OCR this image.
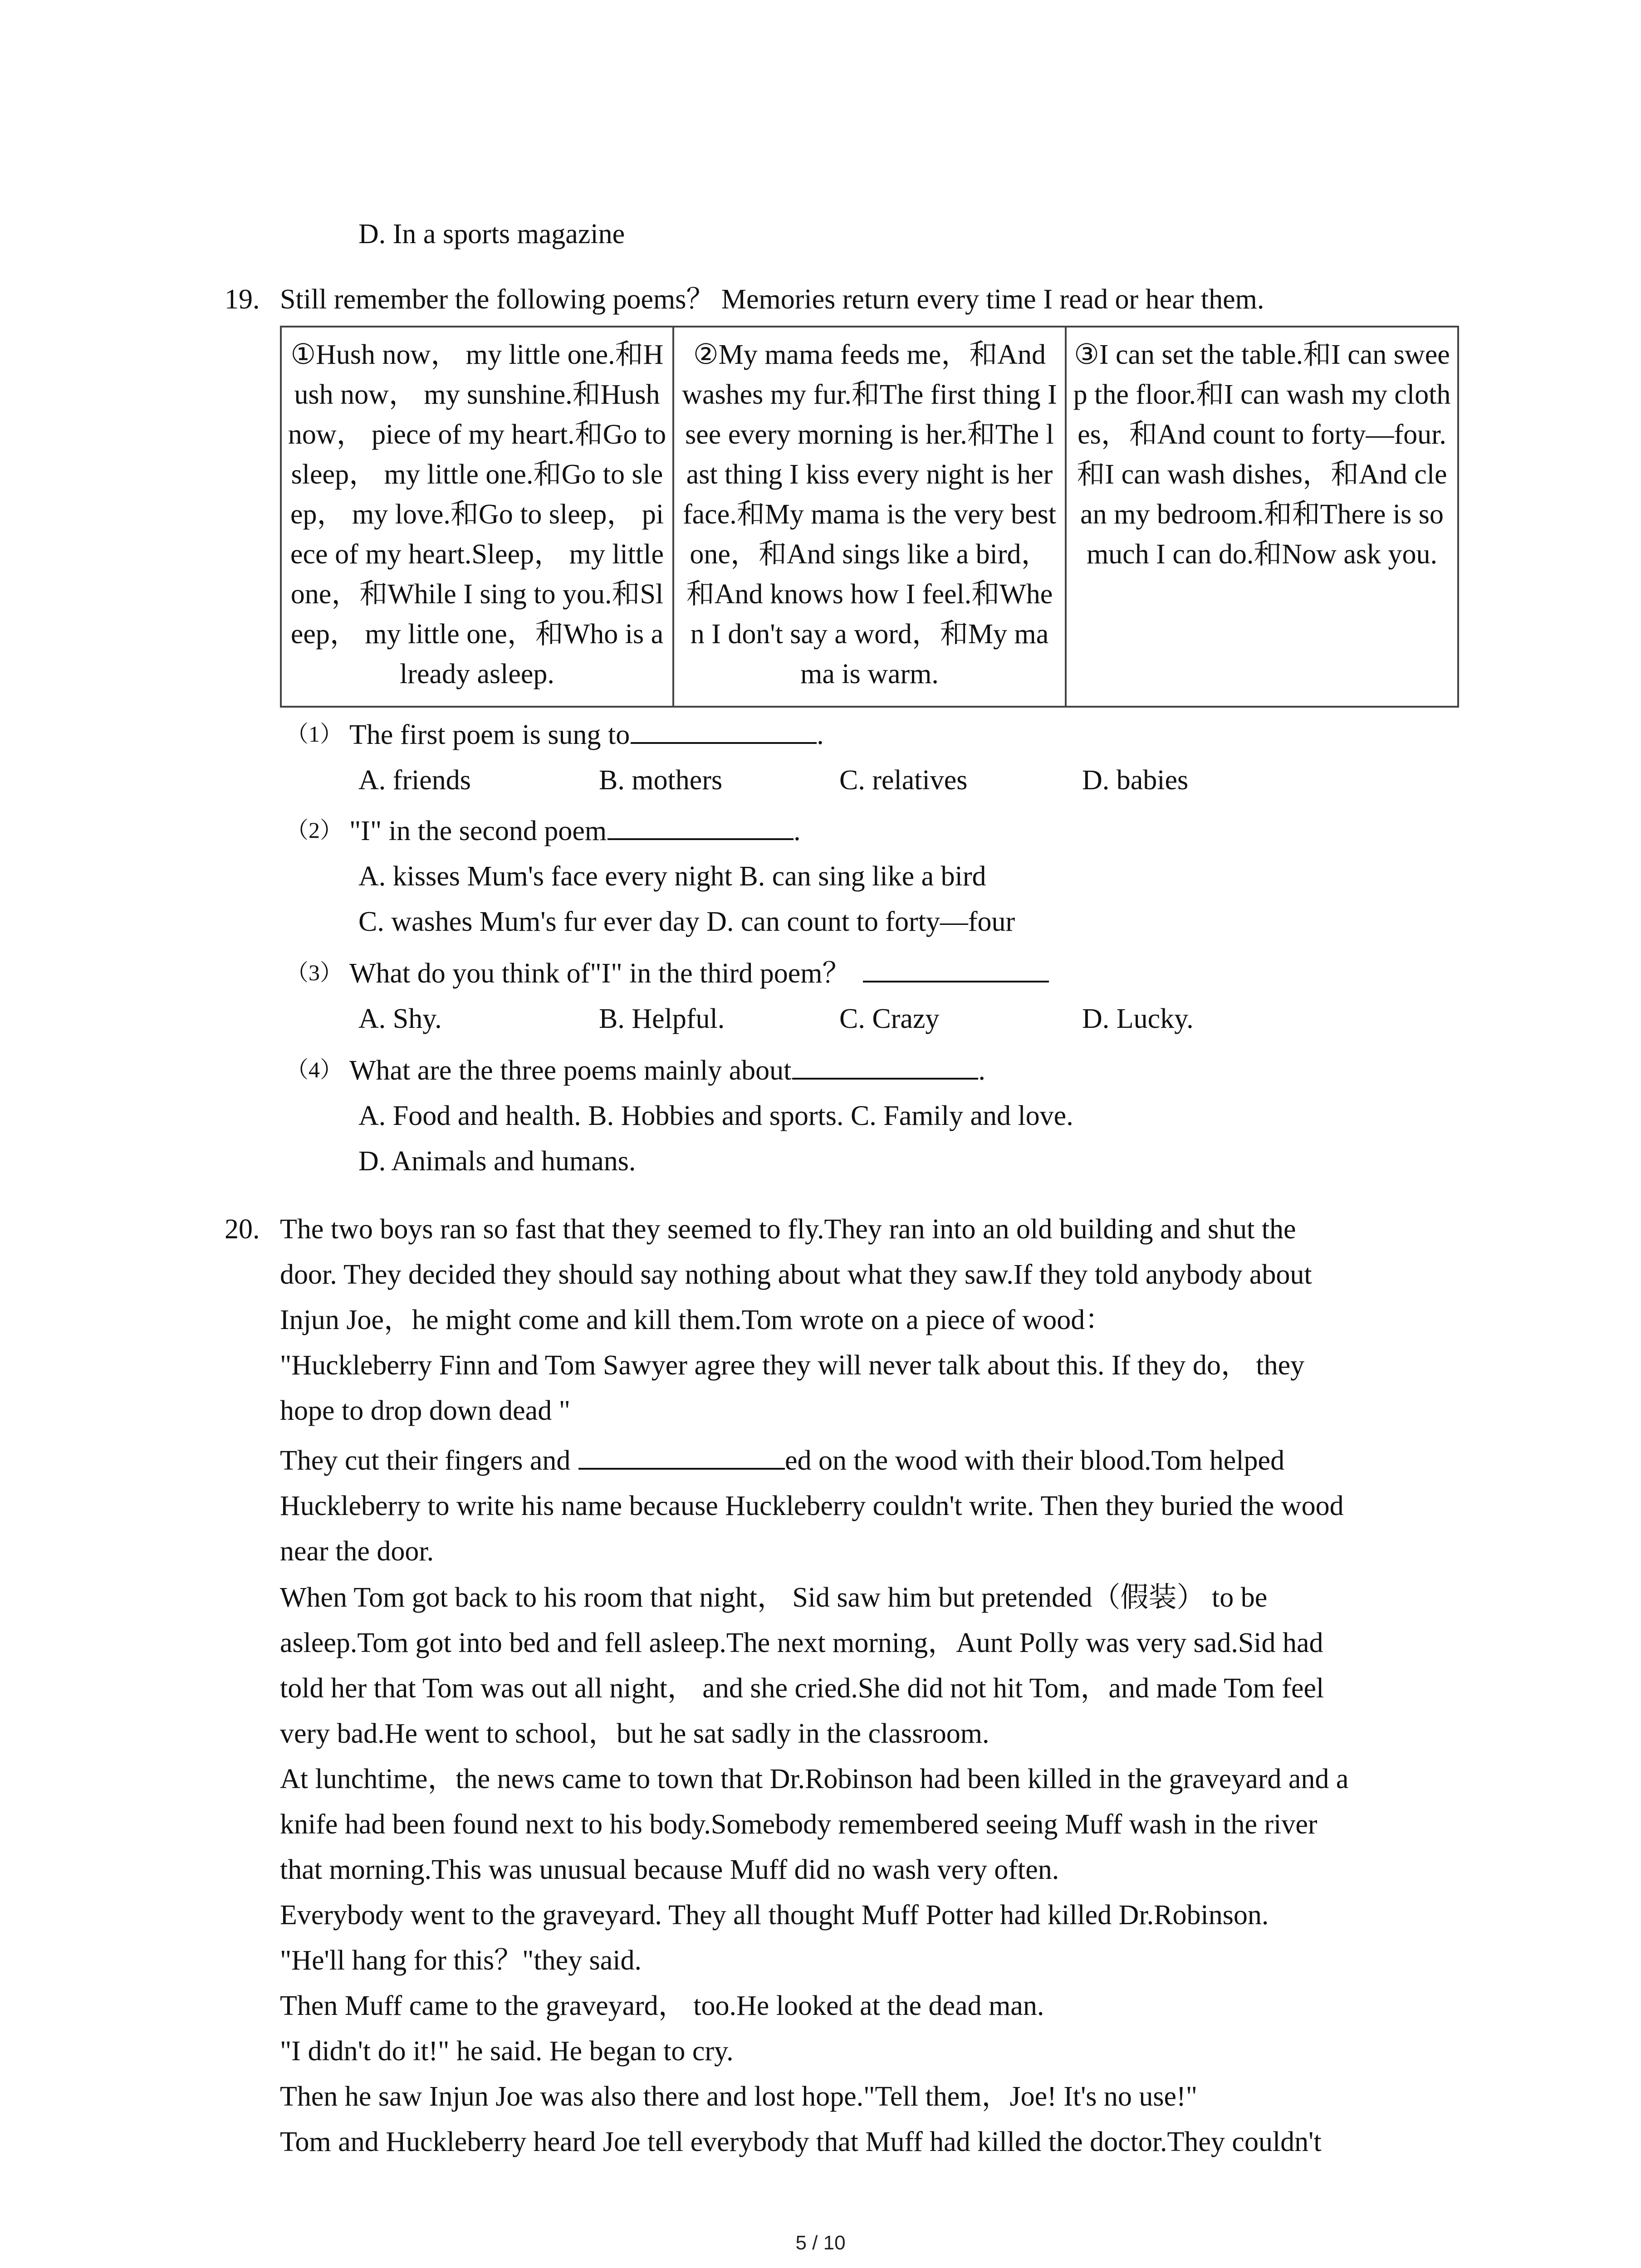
D. In a sports magazine
19. Still remember the following poems？ Memories return every time I read or hear them.
①Hush now， my little one.和Hush now， my sunshine.和Hush now， piece of my heart.和Go to sleep， my little one.和Go to sleep， my love.和Go to sleep， piece of my heart.Sleep， my little one，和While I sing to you.和Sleep， my little one，和Who is already asleep.	②My mama feeds me，和And washes my fur.和The first thing I see every morning is her.和The last thing I kiss every night is her face.和My mama is the very best one，和And sings like a bird，和And knows how I feel.和When I don't say a word，和My mama is warm.	③I can set the table.和I can sweep the floor.和I can wash my clothes，和And count to forty—four.和I can wash dishes，和And clean my bedroom.和和There is so much I can do.和Now ask you.
（1） The first poem is sung to	.
A. friends	B. mothers	C. relatives	D. babies
（2） "I" in the second poem	.
A. kisses Mum's face every night B. can sing like a bird
C. washes Mum's fur ever day D. can count to forty—four
（3） What do you think of"I" in the third poem？
A. Shy.	B. Helpful.	C. Crazy	D. Lucky.
（4） What are the three poems mainly about	.
A. Food and health. B. Hobbies and sports. C. Family and love.
D. Animals and humans.
20. The two boys ran so fast that they seemed to fly.They ran into an old building and shut the
door. They decided they should say nothing about what they saw.If they told anybody about
Injun Joe，he might come and kill them.Tom wrote on a piece of wood：
"Huckleberry Finn and Tom Sawyer agree they will never talk about this. If they do， they
hope to drop down dead "
They cut their fingers and	ed on the wood with their blood.Tom helped
Huckleberry to write his name because Huckleberry couldn't write. Then they buried the wood
near the door.
When Tom got back to his room that night， Sid saw him but pretended（假装） to be
asleep.Tom got into bed and fell asleep.The next morning，Aunt Polly was very sad.Sid had
told her that Tom was out all night， and she cried.She did not hit Tom，and made Tom feel
very bad.He went to school，but he sat sadly in the classroom.
At lunchtime，the news came to town that Dr.Robinson had been killed in the graveyard and a
knife had been found next to his body.Somebody remembered seeing Muff wash in the river
that morning.This was unusual because Muff did no wash very often.
Everybody went to the graveyard. They all thought Muff Potter had killed Dr.Robinson.
"He'll hang for this？"they said.
Then Muff came to the graveyard， too.He looked at the dead man.
"I didn't do it!" he said. He began to cry.
Then he saw Injun Joe was also there and lost hope."Tell them，Joe! It's no use!"
Tom and Huckleberry heard Joe tell everybody that Muff had killed the doctor.They couldn't
5 / 10
